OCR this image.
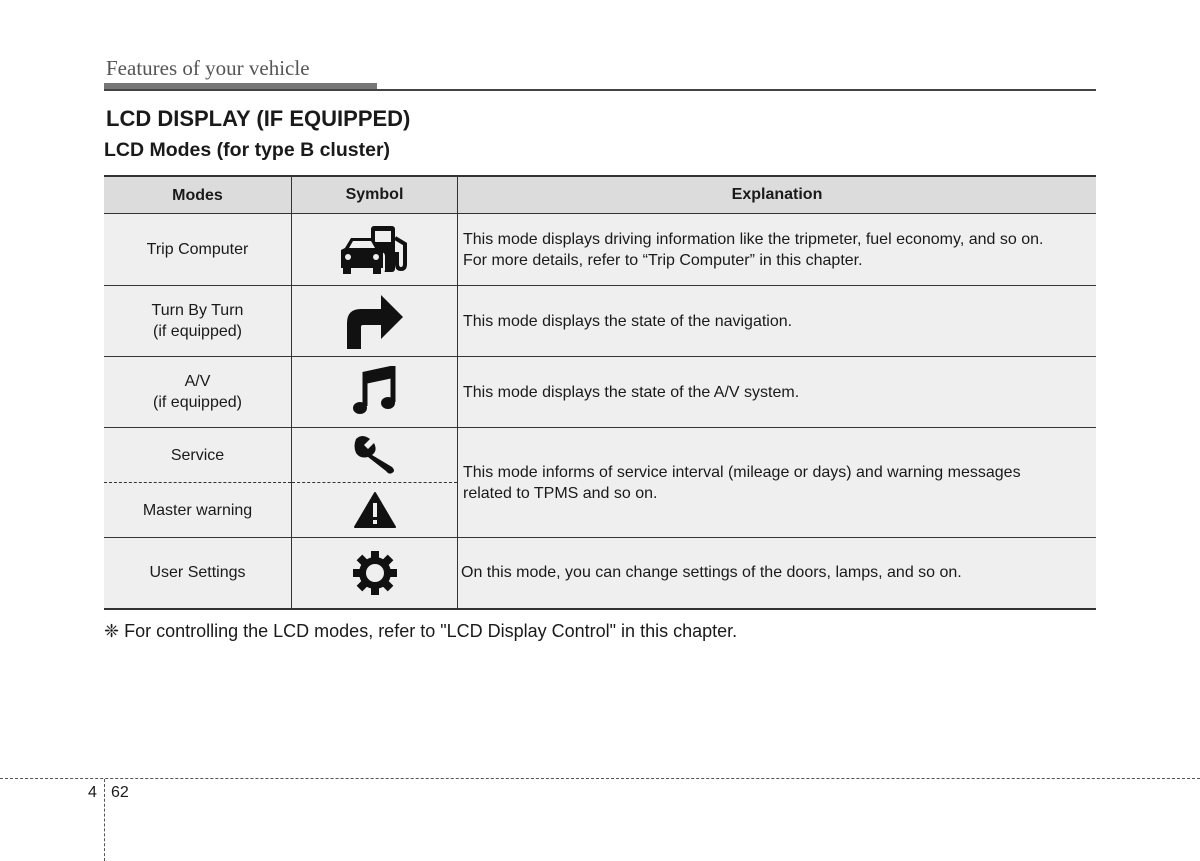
Features of your vehicle
LCD DISPLAY (IF EQUIPPED)
LCD Modes (for type B cluster)
Modes	Symbol	Explanation
Trip Computer		This mode displays driving information like the tripmeter, fuel economy, and so on.
For more details, refer to “Trip Computer” in this chapter.

Turn By Turn
(if equipped)		This mode displays the state of the navigation.

A/V
(if equipped)		This mode displays the state of the A/V system.

Service		This mode informs of service interval (mileage or days) and warning messages
related to TPMS and so on.

Master warning	
User Settings		On this mode, you can change settings of the doors, lamps, and so on.
❈ For controlling the LCD modes, refer to "LCD Display Control" in this chapter.
4 62
